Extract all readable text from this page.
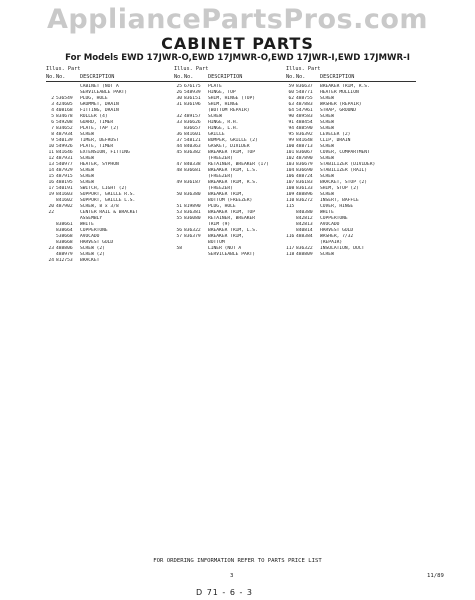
AppliancePartsPros.com
CABINET PARTS
For Models EWD 17JWR-O,EWD 17JMWR-O,EWD 17JWR-I,EWD 17JMWR-I
Illus. Part
No. No.	DESCRIPTION
CABINET (NOT A
SERVICEABLE PART)
2 536549	PLUG, HOLE
3 424605	GROMMET, DRAIN
4 408168	FITTING, DRAIN
5 834678	ROLLER (4)
6 549208	GUARD, TIMER
7 834652	PLATE, TAP (2)
8 487934	SCREW
9 540139	TIMER, DEFROST
10 549926	PLATE, TIMER
11 841646	EXTENSION, FITTING
12 487931	SCREW
13 540977	HEATER, SYPHON
14 487929	SCREW
15 487915	SCREW
16 488195	SCREW
17 540191	SWITCH, LIGHT (2)
19 841603	SUPPORT, GRILLE R.S.
841602	SUPPORT, GRILLE L.S.
20 487902	SCREW, 8 x 3/8
22	CENTER RAIL & BRACKET
ASSEMBLY
838661	WHITE
838664	COPPERTONE
538668	AVOCADO
838668	HARVEST GOLD
23 488806	SCREW (2)
488979	SCREW (2)
24 812753	BRACKET
Illus. Part
No. No.	DESCRIPTION
25 676175	PLATE
26 548939	HINGE, TOP
30 836151	SHIM, HINGE (TOP)
31 836196	SHIM, HINGE
(BOTTOM REPAIR)
32 489157	SCREW
33 836626	HINGE, R.H.
836657	HINGE, L.H.
36 841601	GRILLE
37 548121	BUMPER, GRILLE (2)
44 840363	GASKET, DIVIDER
45 836382	BREAKER TRIM, TOP
(FREEZER)
47 840338	RETAINER, BREAKER (17)
48 836681	BREAKER TRIM, L.S.
(FREEZER)
49 836187	BREAKER TRIM, R.S.
(FREEZER)
50 836380	BREAKER TRIM,
BOTTOM (FREEZER)
51 819890	PLUG, HOLE
53 836381	BREAKER TRIM, TOP
55 836080	RETAINER, BREAKER
TRIM (9)
56 836322	BREAKER TRIM, L.S.
57 836379	BREAKER TRIM,
BOTTOM
58	LINER (NOT A
SERVICEABLE PART)
Illus. Part
No. No.	DESCRIPTION
59 836637	BREAKER TRIM, R.S.
60 548771	HEATER MULLION
62 488755	SCREW
63 487883	WASHER (REPAIR)
64 547961	STRAP, GROUND
90 489583	SCREW
91 488454	SCREW
94 488590	SCREW
95 836392	LEVELER (2)
99 841648	CLIP, DRAIN
100 488713	SCREW
101 836067	COVER, COMPARTMENT
102 487890	SCREW
103 836679	STABILIZER (DIVIDER)
104 836690	STABILIZER (RAIL)
106 488724	SCREW
107 836183	BRACKET, STOP (2)
108 836133	SHIM, STOP (2)
109 488896	SCREW
110 836272	INSERT, BAFFLE
115	COVER, HINGE
840380	WHITE
842812	COPPERTONE
842813	AVOCADO
840814	HARVEST GOLD
116 488384	WASHER, 7/32
(REPAIR)
117 836322	INSULATION, DUCT
118 488809	SCREW
FOR ORDERING INFORMATION REFER TO PARTS PRICE LIST
3	11/89
D 71 - 6 - 3
